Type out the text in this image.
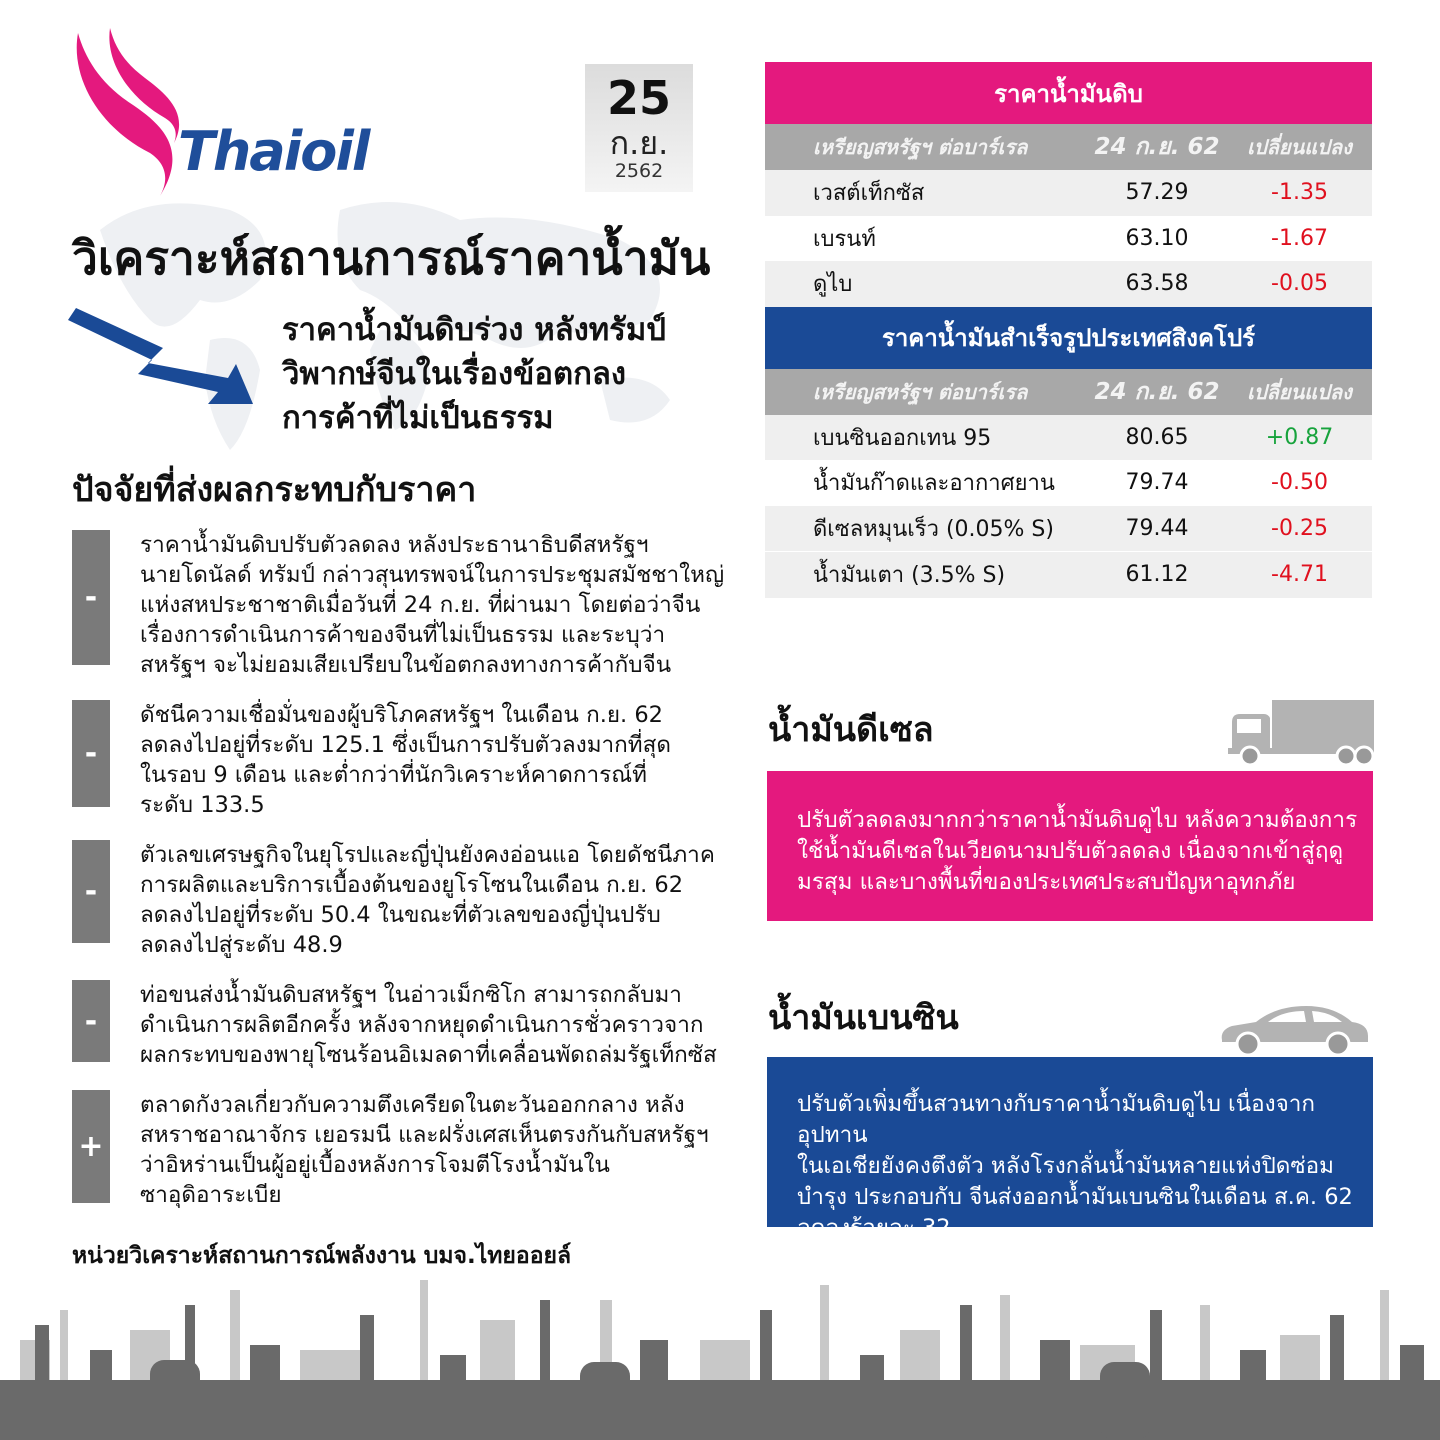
Thaioil
25
ก.ย.
2562
วิเคราะห์สถานการณ์ราคาน้ำมัน
ราคาน้ำมันดิบร่วง หลังทรัมป์
วิพากษ์จีนในเรื่องข้อตกลง
การค้าที่ไม่เป็นธรรม
ปัจจัยที่ส่งผลกระทบกับราคา
-
ราคาน้ำมันดิบปรับตัวลดลง หลังประธานาธิบดีสหรัฐฯ
นายโดนัลด์ ทรัมป์ กล่าวสุนทรพจน์ในการประชุมสมัชชาใหญ่
แห่งสหประชาชาติเมื่อวันที่ 24 ก.ย. ที่ผ่านมา โดยต่อว่าจีน
เรื่องการดำเนินการค้าของจีนที่ไม่เป็นธรรม และระบุว่า
สหรัฐฯ จะไม่ยอมเสียเปรียบในข้อตกลงทางการค้ากับจีน
-
ดัชนีความเชื่อมั่นของผู้บริโภคสหรัฐฯ ในเดือน ก.ย. 62
ลดลงไปอยู่ที่ระดับ 125.1 ซึ่งเป็นการปรับตัวลงมากที่สุด
ในรอบ 9 เดือน และต่ำกว่าที่นักวิเคราะห์คาดการณ์ที่
ระดับ 133.5
-
ตัวเลขเศรษฐกิจในยุโรปและญี่ปุ่นยังคงอ่อนแอ โดยดัชนีภาค
การผลิตและบริการเบื้องต้นของยูโรโซนในเดือน ก.ย. 62
ลดลงไปอยู่ที่ระดับ 50.4 ในขณะที่ตัวเลขของญี่ปุ่นปรับ
ลดลงไปสู่ระดับ 48.9
-
ท่อขนส่งน้ำมันดิบสหรัฐฯ ในอ่าวเม็กซิโก สามารถกลับมา
ดำเนินการผลิตอีกครั้ง หลังจากหยุดดำเนินการชั่วคราวจาก
ผลกระทบของพายุโซนร้อนอิเมลดาที่เคลื่อนพัดถล่มรัฐเท็กซัส
+
ตลาดกังวลเกี่ยวกับความตึงเครียดในตะวันออกกลาง หลัง
สหราชอาณาจักร เยอรมนี และฝรั่งเศสเห็นตรงกันกับสหรัฐฯ
ว่าอิหร่านเป็นผู้อยู่เบื้องหลังการโจมตีโรงน้ำมันใน
ซาอุดิอาระเบีย
หน่วยวิเคราะห์สถานการณ์พลังงาน บมจ.ไทยออยล์
ราคาน้ำมันดิบ
เหรียญสหรัฐฯ ต่อบาร์เรล	24 ก.ย. 62	เปลี่ยนแปลง
เวสต์เท็กซัส	57.29	-1.35
เบรนท์	63.10	-1.67
ดูไบ	63.58	-0.05
ราคาน้ำมันสำเร็จรูปประเทศสิงคโปร์
เหรียญสหรัฐฯ ต่อบาร์เรล	24 ก.ย. 62	เปลี่ยนแปลง
เบนซินออกเทน 95	80.65	+0.87
น้ำมันก๊าดและอากาศยาน	79.74	-0.50
ดีเซลหมุนเร็ว (0.05% S)	79.44	-0.25
น้ำมันเตา (3.5% S)	61.12	-4.71
น้ำมันดีเซล
ปรับตัวลดลงมากกว่าราคาน้ำมันดิบดูไบ หลังความต้องการ
ใช้น้ำมันดีเซลในเวียดนามปรับตัวลดลง เนื่องจากเข้าสู่ฤดู
มรสุม และบางพื้นที่ของประเทศประสบปัญหาอุทกภัย
น้ำมันเบนซิน
ปรับตัวเพิ่มขึ้นสวนทางกับราคาน้ำมันดิบดูไบ เนื่องจากอุปทาน
ในเอเชียยังคงตึงตัว หลังโรงกลั่นน้ำมันหลายแห่งปิดซ่อม
บำรุง ประกอบกับ จีนส่งออกน้ำมันเบนซินในเดือน ส.ค. 62
ลดลงร้อยละ 32
